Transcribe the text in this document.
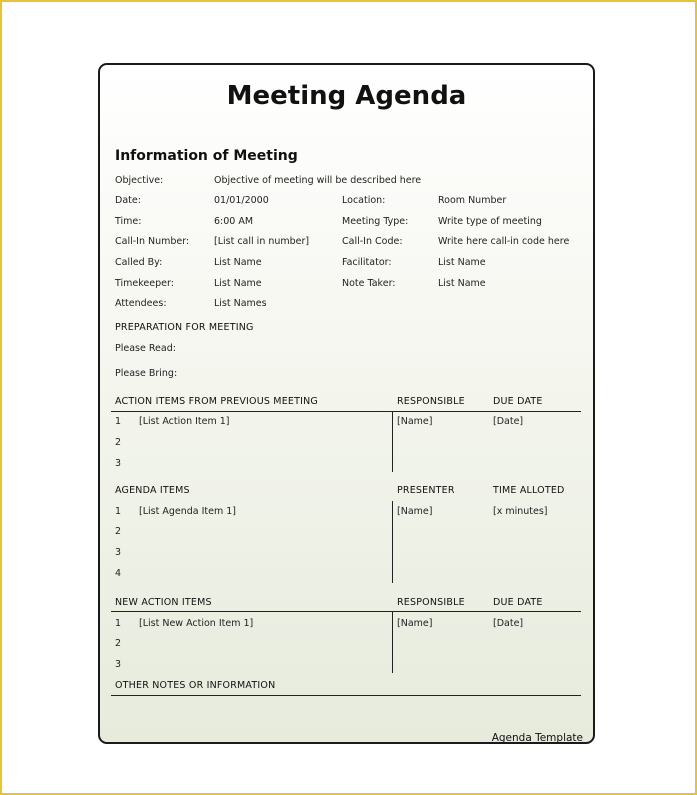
Meeting Agenda
Information of Meeting
Objective:	Objective of meeting will be described here
Date:	01/01/2000	Location:	Room Number
Time:	6:00 AM	Meeting Type:	Write type of meeting
Call-In Number:	[List call in number]	Call-In Code:	Write here call-in code here
Called By:	List Name	Facilitator:	List Name
Timekeeper:	List Name	Note Taker:	List Name
Attendees:	List Names
PREPARATION FOR MEETING
Please Read:
Please Bring:
ACTION ITEMS FROM PREVIOUS MEETING	RESPONSIBLE	DUE DATE
1 [List Action Item 1]	[Name]	[Date]
2
3
AGENDA ITEMS	PRESENTER	TIME ALLOTED
1 [List Agenda Item 1]	[Name]	[x minutes]
2
3
4
NEW ACTION ITEMS	RESPONSIBLE	DUE DATE
1 [List New Action Item 1]	[Name]	[Date]
2
3
OTHER NOTES OR INFORMATION
Agenda Template
